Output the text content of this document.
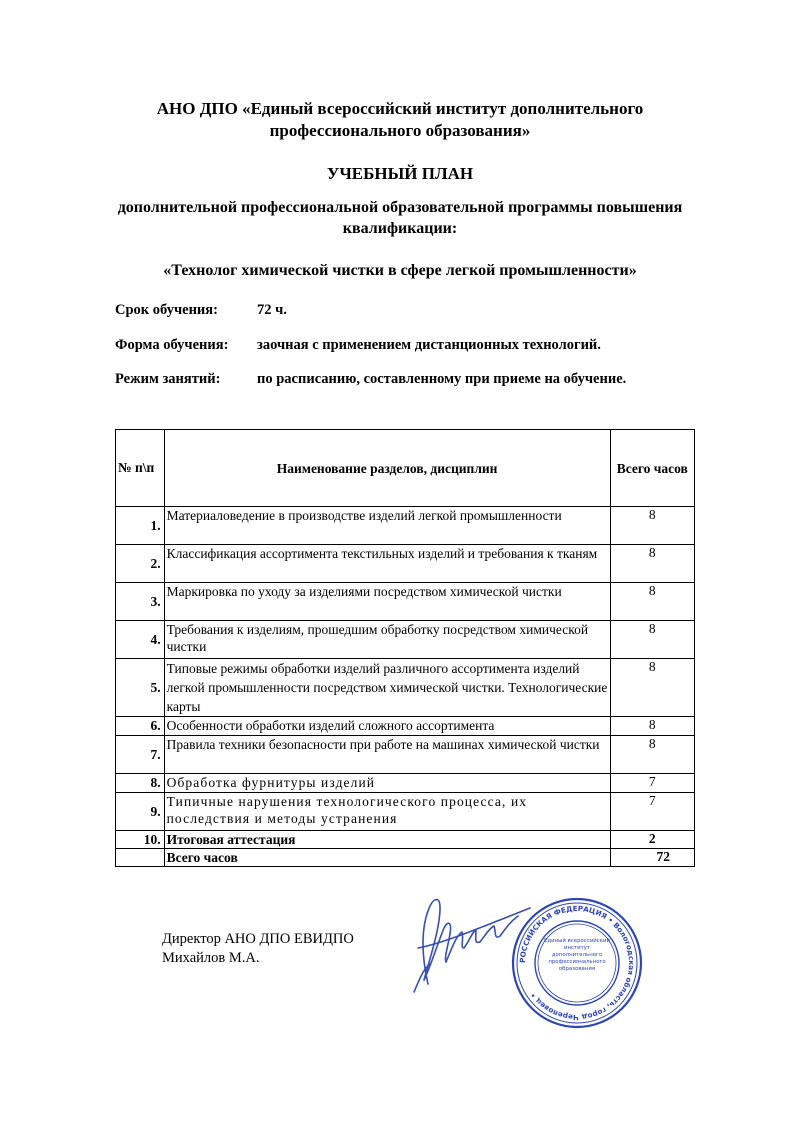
АНО ДПО «Единый всероссийский институт дополнительного профессионального образования»
УЧЕБНЫЙ ПЛАН
дополнительной профессиональной образовательной программы повышения квалификации:
«Технолог химической чистки в сфере легкой промышленности»
Срок обучения:	72 ч.
Форма обучения: заочная с применением дистанционных технологий.
Режим занятий:	по расписанию, составленному при приеме на обучение.
№ п\п	Наименование разделов, дисциплин	Всего часов
1.	Материаловедение в производстве изделий легкой промышленности	8
2.	Классификация ассортимента текстильных изделий и требования к тканям	8
3.	Маркировка по уходу за изделиями посредством химической чистки	8
4.	Требования к изделиям, прошедшим обработку посредством химической чистки	8
5.	Типовые режимы обработки изделий различного ассортимента изделий легкой промышленности посредством химической чистки. Технологические карты	8
6.	Особенности обработки изделий сложного ассортимента	8
7.	Правила техники безопасности при работе на машинах химической чистки	8
8.	Обработка фурнитуры изделий	7
9.	Типичные нарушения технологического процесса, их последствия и методы устранения	7
10.	Итоговая аттестация	2
	Всего часов	72
Директор АНО ДПО ЕВИДПО
Михайлов М.А.	РОССИЙСКАЯ ФЕДЕРАЦИЯ • Вологодская область, город Череповец •
Единый всероссийский институт дополнительного профессионального образования
